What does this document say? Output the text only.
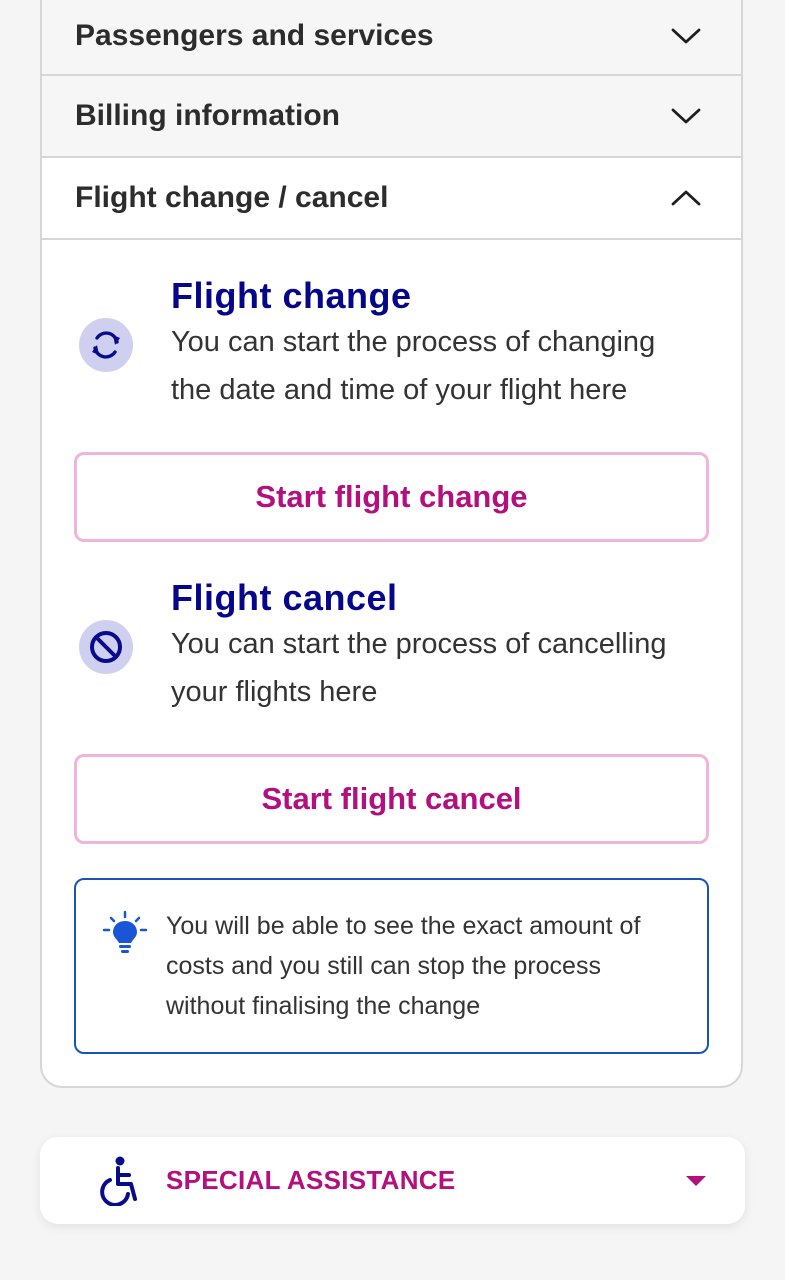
Passengers and services
Billing information
Flight change / cancel
Flight change
You can start the process of changing
the date and time of your flight here
Start flight change
Flight cancel
You can start the process of cancelling
your flights here
Start flight cancel
You will be able to see the exact amount of
costs and you still can stop the process
without finalising the change
SPECIAL ASSISTANCE
